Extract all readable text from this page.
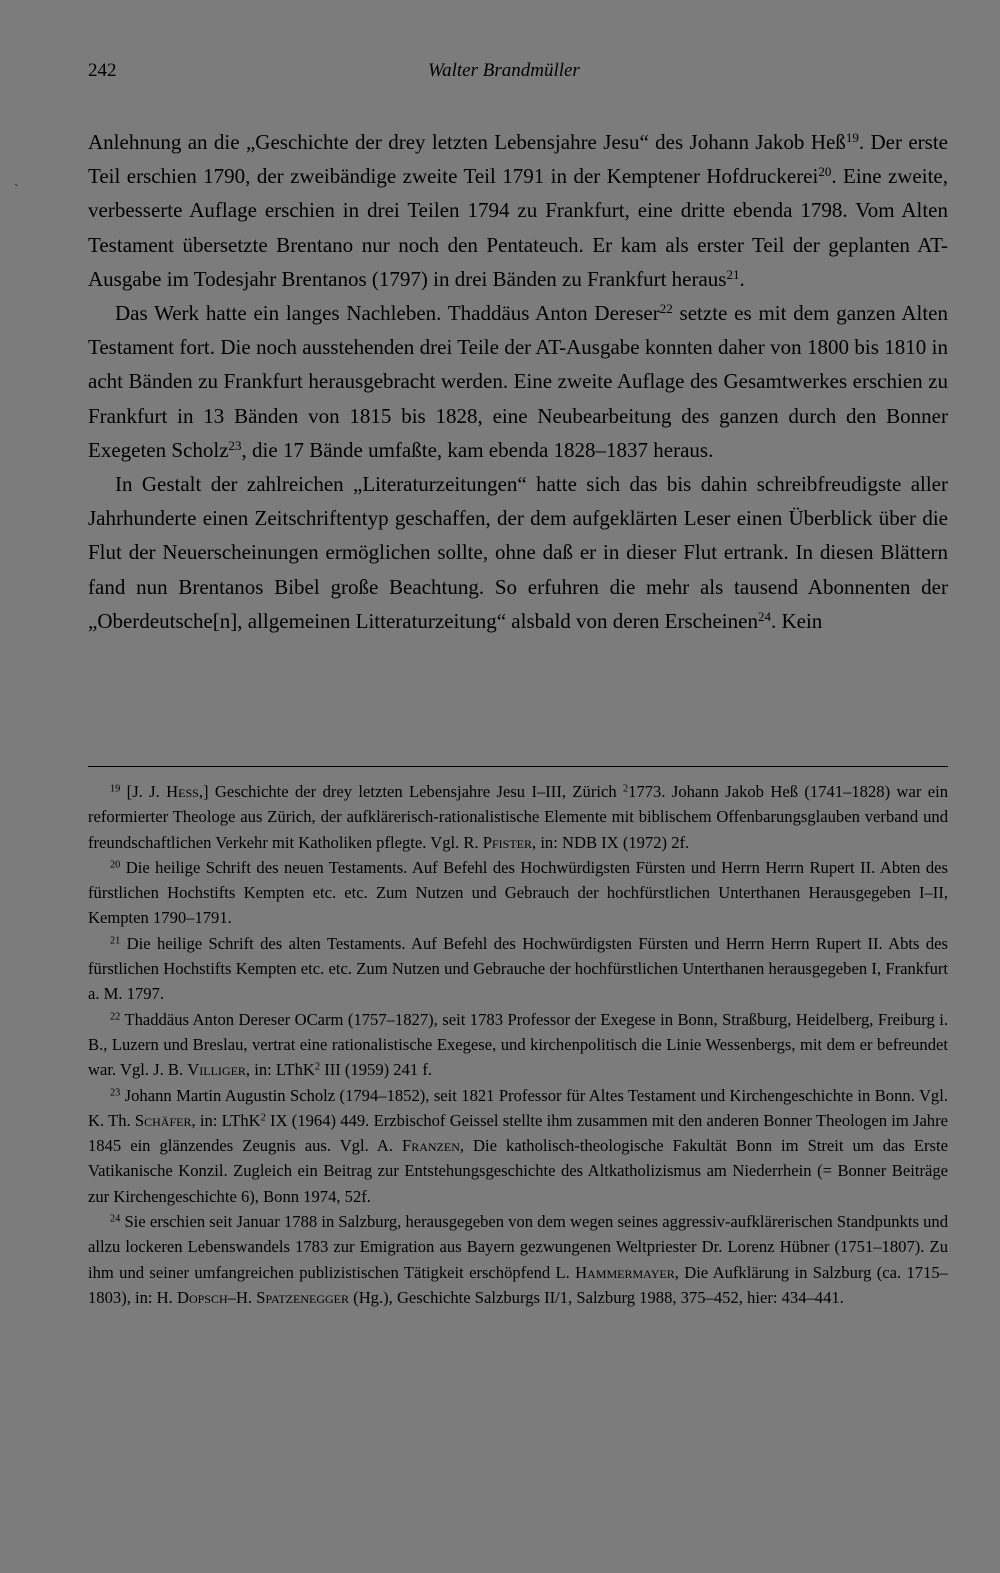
ˎ
242	Walter Brandmüller

Anlehnung an die „Geschichte der drey letzten Lebensjahre Jesu“ des Johann Jakob Heß$^{19}$. Der erste Teil erschien 1790, der zweibändige zweite Teil 1791 in der Kemptener Hofdruckerei$^{20}$. Eine zweite, verbesserte Auflage erschien in drei Teilen 1794 zu Frankfurt, eine dritte ebenda 1798. Vom Alten Testament übersetzte Brentano nur noch den Pentateuch. Er kam als erster Teil der geplanten AT-Ausgabe im Todesjahr Brentanos (1797) in drei Bänden zu Frankfurt heraus$^{21}$.

Das Werk hatte ein langes Nachleben. Thaddäus Anton Dereser$^{22}$ setzte es mit dem ganzen Alten Testament fort. Die noch ausstehenden drei Teile der AT-Ausgabe konnten daher von 1800 bis 1810 in acht Bänden zu Frankfurt herausgebracht werden. Eine zweite Auflage des Gesamtwerkes erschien zu Frankfurt in 13 Bänden von 1815 bis 1828, eine Neubearbeitung des ganzen durch den Bonner Exegeten Scholz$^{23}$, die 17 Bände umfaßte, kam ebenda 1828–1837 heraus.

In Gestalt der zahlreichen „Literaturzeitungen“ hatte sich das bis dahin schreibfreudigste aller Jahrhunderte einen Zeitschriftentyp geschaffen, der dem aufgeklärten Leser einen Überblick über die Flut der Neuerscheinungen ermöglichen sollte, ohne daß er in dieser Flut ertrank. In diesen Blättern fand nun Brentanos Bibel große Beachtung. So erfuhren die mehr als tausend Abonnenten der „Oberdeutsche[n], allgemeinen Litteraturzeitung“ alsbald von deren Erscheinen$^{24}$. Kein

$^{19}$ [J. J. Hess,] Geschichte der drey letzten Lebensjahre Jesu I–III, Zürich $^2$1773. Johann Jakob Heß (1741–1828) war ein reformierter Theologe aus Zürich, der aufklärerisch-rationalistische Elemente mit biblischem Offenbarungsglauben verband und freundschaftlichen Verkehr mit Katholiken pflegte. Vgl. R. Pfister, in: NDB IX (1972) 2f.

$^{20}$ Die heilige Schrift des neuen Testaments. Auf Befehl des Hochwürdigsten Fürsten und Herrn Herrn Rupert II. Abten des fürstlichen Hochstifts Kempten etc. etc. Zum Nutzen und Gebrauch der hochfürstlichen Unterthanen Herausgegeben I–II, Kempten 1790–1791.

$^{21}$ Die heilige Schrift des alten Testaments. Auf Befehl des Hochwürdigsten Fürsten und Herrn Herrn Rupert II. Abts des fürstlichen Hochstifts Kempten etc. etc. Zum Nutzen und Gebrauche der hochfürstlichen Unterthanen herausgegeben I, Frankfurt a. M. 1797.

$^{22}$ Thaddäus Anton Dereser OCarm (1757–1827), seit 1783 Professor der Exegese in Bonn, Straßburg, Heidelberg, Freiburg i. B., Luzern und Breslau, vertrat eine rationalistische Exegese, und kirchenpolitisch die Linie Wessenbergs, mit dem er befreundet war. Vgl. J. B. Villiger, in: LThK$^2$ III (1959) 241 f.

$^{23}$ Johann Martin Augustin Scholz (1794–1852), seit 1821 Professor für Altes Testament und Kirchengeschichte in Bonn. Vgl. K. Th. Schäfer, in: LThK$^2$ IX (1964) 449. Erzbischof Geissel stellte ihm zusammen mit den anderen Bonner Theologen im Jahre 1845 ein glänzendes Zeugnis aus. Vgl. A. Franzen, Die katholisch-theologische Fakultät Bonn im Streit um das Erste Vatikanische Konzil. Zugleich ein Beitrag zur Entstehungsgeschichte des Altkatholizismus am Niederrhein (= Bonner Beiträge zur Kirchengeschichte 6), Bonn 1974, 52f.

$^{24}$ Sie erschien seit Januar 1788 in Salzburg, herausgegeben von dem wegen seines aggressiv-aufklärerischen Standpunkts und allzu lockeren Lebenswandels 1783 zur Emigration aus Bayern gezwungenen Weltpriester Dr. Lorenz Hübner (1751–1807). Zu ihm und seiner umfangreichen publizistischen Tätigkeit erschöpfend L. Hammermayer, Die Aufklärung in Salzburg (ca. 1715–1803), in: H. Dopsch–H. Spatzenegger (Hg.), Geschichte Salzburgs II/1, Salzburg 1988, 375–452, hier: 434–441.
